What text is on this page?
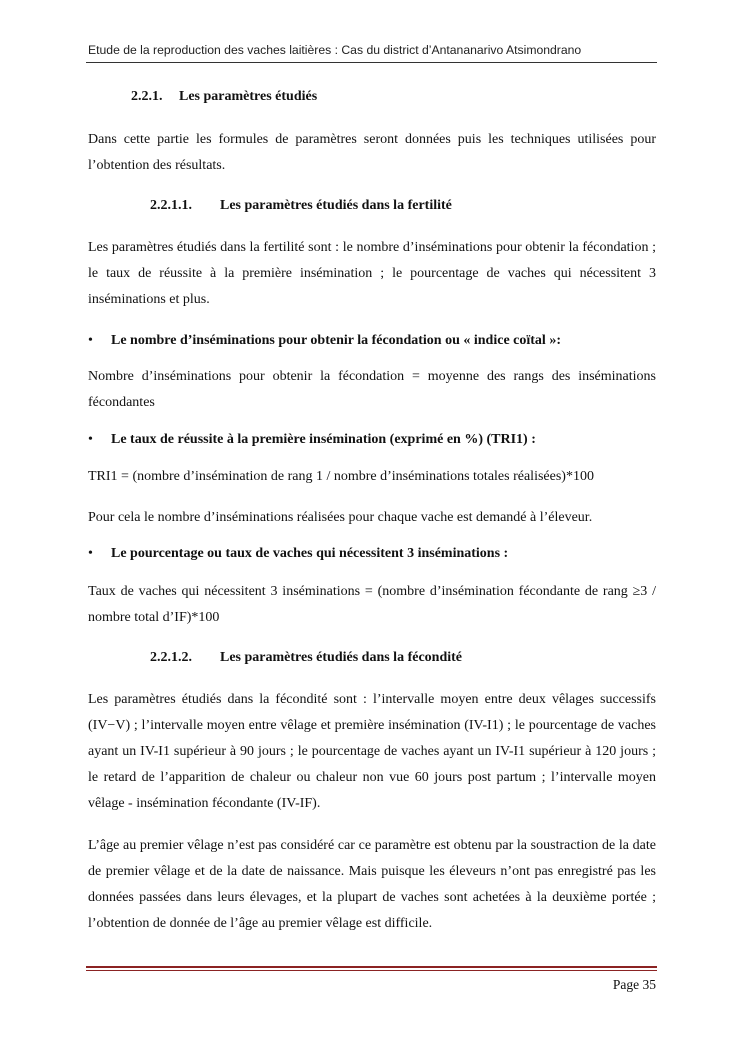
Etude de la reproduction des vaches laitières : Cas du district d’Antananarivo Atsimondrano
2.2.1. Les paramètres étudiés
Dans cette partie les formules de paramètres seront données puis les techniques utilisées pour l’obtention des résultats.
2.2.1.1. Les paramètres étudiés dans la fertilité
Les paramètres étudiés dans la fertilité sont : le nombre d’inséminations pour obtenir la fécondation ; le taux de réussite à la première insémination ; le pourcentage de vaches qui nécessitent 3 inséminations et plus.
• Le nombre d’inséminations pour obtenir la fécondation ou « indice coïtal »:
Nombre d’inséminations pour obtenir la fécondation = moyenne des rangs des inséminations fécondantes
• Le taux de réussite à la première insémination (exprimé en %) (TRI1) :
TRI1 = (nombre d’insémination de rang 1 / nombre d’inséminations totales réalisées)*100
Pour cela le nombre d’inséminations réalisées pour chaque vache est demandé à l’éleveur.
• Le pourcentage ou taux de vaches qui nécessitent 3 inséminations :
Taux de vaches qui nécessitent 3 inséminations = (nombre d’insémination fécondante de rang ≥3 / nombre total d’IF)*100
2.2.1.2. Les paramètres étudiés dans la fécondité
Les paramètres étudiés dans la fécondité sont : l’intervalle moyen entre deux vêlages successifs (IV−V) ; l’intervalle moyen entre vêlage et première insémination (IV-I1) ; le pourcentage de vaches ayant un IV-I1 supérieur à 90 jours ; le pourcentage de vaches ayant un IV-I1 supérieur à 120 jours ; le retard de l’apparition de chaleur ou chaleur non vue 60 jours post partum ; l’intervalle moyen vêlage - insémination fécondante (IV-IF).
L’âge au premier vêlage n’est pas considéré car ce paramètre est obtenu par la soustraction de la date de premier vêlage et de la date de naissance. Mais puisque les éleveurs n’ont pas enregistré pas les données passées dans leurs élevages, et la plupart de vaches sont achetées à la deuxième portée ; l’obtention de donnée de l’âge au premier vêlage est difficile.
Page 35
